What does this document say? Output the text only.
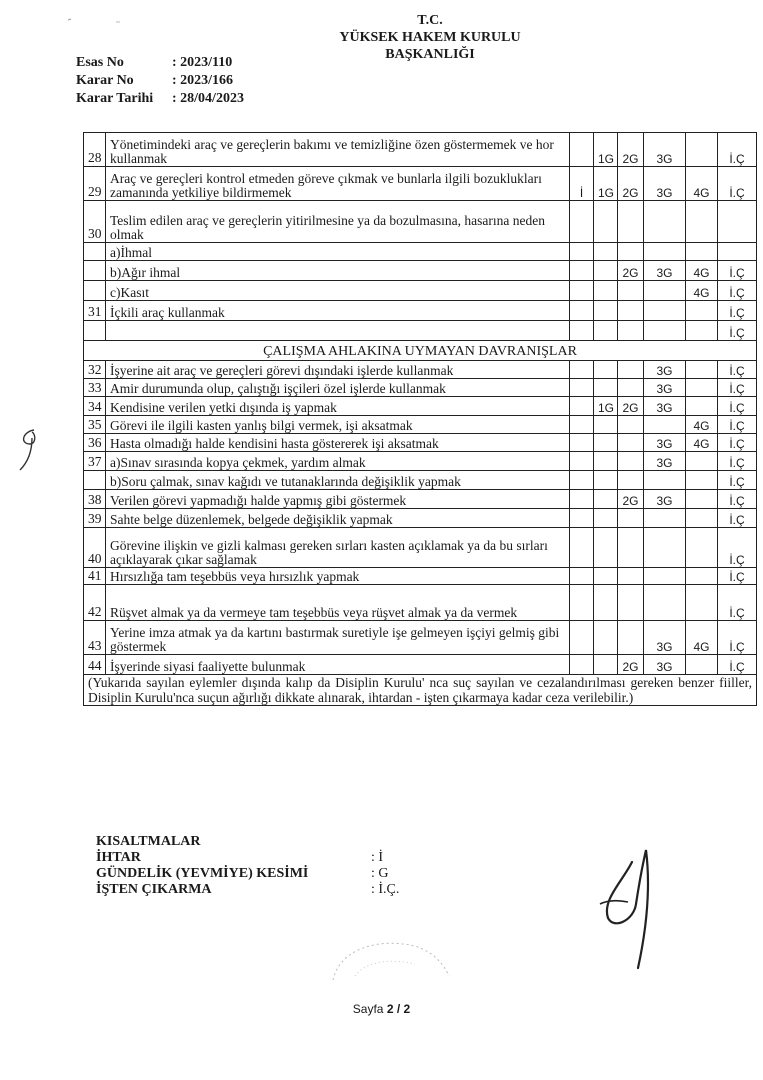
T.C.
YÜKSEK HAKEM KURULU
BAŞKANLIĞI
Esas No	: 2023/110
Karar No	: 2023/166
Karar Tarihi	: 28/04/2023
28	Yönetimindeki araç ve gereçlerin bakımı ve temizliğine özen göstermemek ve hor kullanmak		1G	2G	3G		İ.Ç
29	Araç ve gereçleri kontrol etmeden göreve çıkmak ve bunlarla ilgili bozuklukları zamanında yetkiliye bildirmemek	İ	1G	2G	3G	4G	İ.Ç
30	Teslim edilen araç ve gereçlerin yitirilmesine ya da bozulmasına, hasarına neden olmak						
	a)İhmal						
	b)Ağır ihmal			2G	3G	4G	İ.Ç
	c)Kasıt					4G	İ.Ç
31	İçkili araç kullanmak						İ.Ç
							İ.Ç
ÇALIŞMA AHLAKINA UYMAYAN DAVRANIŞLAR							
32	İşyerine ait araç ve gereçleri görevi dışındaki işlerde kullanmak				3G		İ.Ç
33	Amir durumunda olup, çalıştığı işçileri özel işlerde kullanmak				3G		İ.Ç
34	Kendisine verilen yetki dışında iş yapmak		1G	2G	3G		İ.Ç
35	Görevi ile ilgili kasten yanlış bilgi vermek, işi aksatmak					4G	İ.Ç
36	Hasta olmadığı halde kendisini hasta göstererek işi aksatmak				3G	4G	İ.Ç
37	a)Sınav sırasında kopya çekmek, yardım almak				3G		İ.Ç
	b)Soru çalmak, sınav kağıdı ve tutanaklarında değişiklik yapmak						İ.Ç
38	Verilen görevi yapmadığı halde yapmış gibi göstermek			2G	3G		İ.Ç
39	Sahte belge düzenlemek, belgede değişiklik yapmak						İ.Ç
40	Görevine ilişkin ve gizli kalması gereken sırları kasten açıklamak ya da bu sırları açıklayarak çıkar sağlamak						İ.Ç
41	Hırsızlığa tam teşebbüs veya hırsızlık yapmak						İ.Ç
42	Rüşvet almak ya da vermeye tam teşebbüs veya rüşvet almak ya da vermek						İ.Ç
43	Yerine imza atmak ya da kartını bastırmak suretiyle işe gelmeyen işçiyi gelmiş gibi göstermek				3G	4G	İ.Ç
44	İşyerinde siyasi faaliyette bulunmak			2G	3G		İ.Ç
(Yukarıda sayılan eylemler dışında kalıp da Disiplin Kurulu' nca suç sayılan ve cezalandırılması gereken benzer fiiller, Disiplin Kurulu'nca suçun ağırlığı dikkate alınarak, ihtardan - işten çıkarmaya kadar ceza verilebilir.)							
KISALTMALAR
İHTAR	: İ
GÜNDELİK (YEVMİYE) KESİMİ	: G
İŞTEN ÇIKARMA	: İ.Ç.
Sayfa 2 / 2
